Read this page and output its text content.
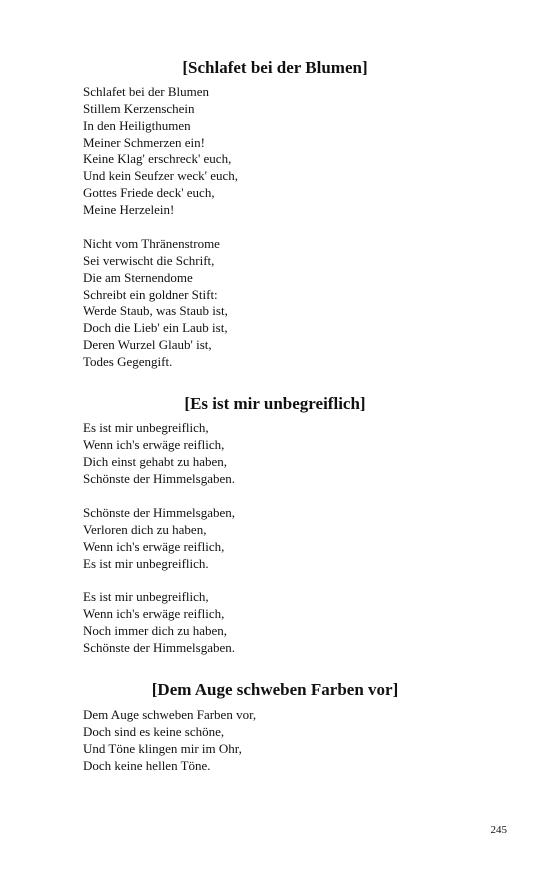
[Schlafet bei der Blumen]
Schlafet bei der Blumen
Stillem Kerzenschein
In den Heiligthumen
Meiner Schmerzen ein!
Keine Klag' erschreck' euch,
Und kein Seufzer weck' euch,
Gottes Friede deck' euch,
Meine Herzelein!
Nicht vom Thränenstrome
Sei verwischt die Schrift,
Die am Sternendome
Schreibt ein goldner Stift:
Werde Staub, was Staub ist,
Doch die Lieb' ein Laub ist,
Deren Wurzel Glaub' ist,
Todes Gegengift.
[Es ist mir unbegreiflich]
Es ist mir unbegreiflich,
Wenn ich's erwäge reiflich,
Dich einst gehabt zu haben,
Schönste der Himmelsgaben.
Schönste der Himmelsgaben,
Verloren dich zu haben,
Wenn ich's erwäge reiflich,
Es ist mir unbegreiflich.
Es ist mir unbegreiflich,
Wenn ich's erwäge reiflich,
Noch immer dich zu haben,
Schönste der Himmelsgaben.
[Dem Auge schweben Farben vor]
Dem Auge schweben Farben vor,
Doch sind es keine schöne,
Und Töne klingen mir im Ohr,
Doch keine hellen Töne.
245
